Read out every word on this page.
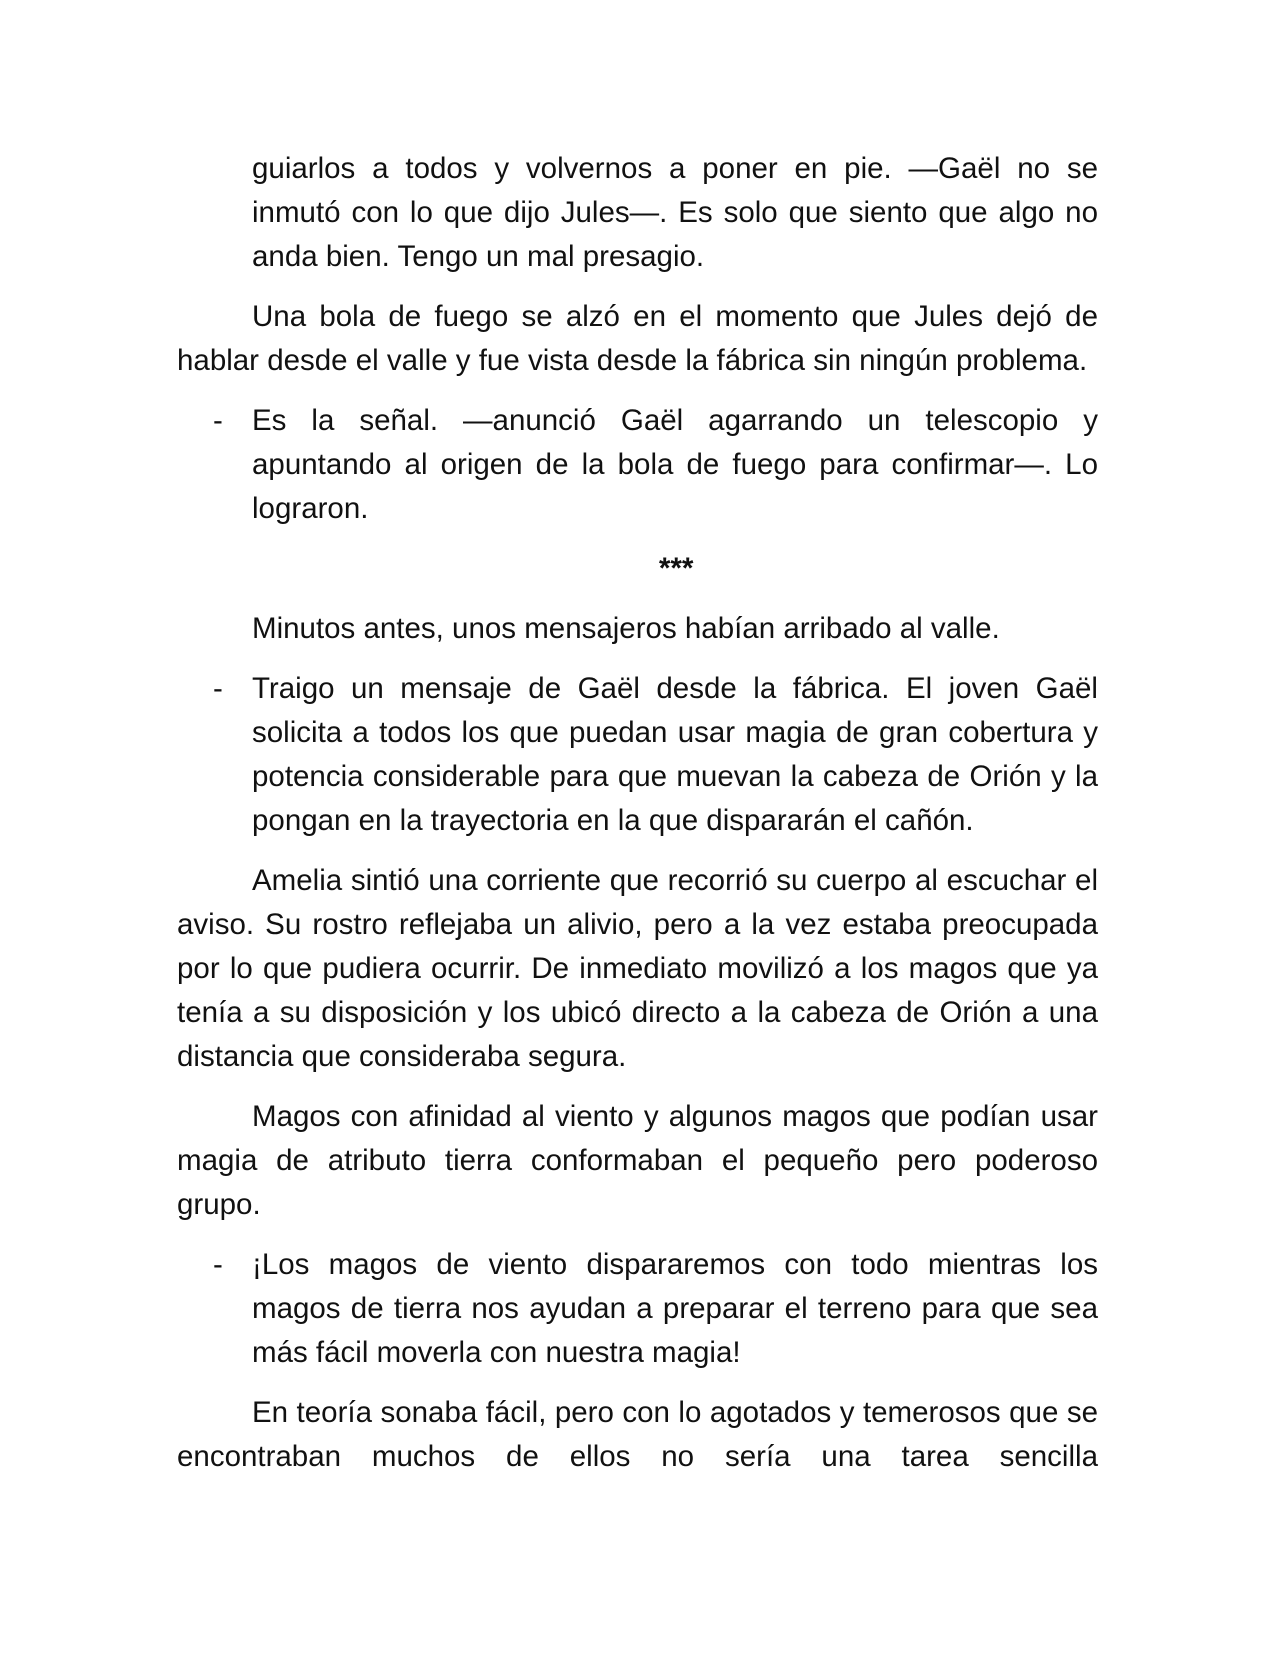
guiarlos a todos y volvernos a poner en pie. —Gaël no se inmutó con lo que dijo Jules—. Es solo que siento que algo no anda bien. Tengo un mal presagio.

Una bola de fuego se alzó en el momento que Jules dejó de hablar desde el valle y fue vista desde la fábrica sin ningún problema.

- Es la señal. —anunció Gaël agarrando un telescopio y apuntando al origen de la bola de fuego para confirmar—. Lo lograron.
***

Minutos antes, unos mensajeros habían arribado al valle.

- Traigo un mensaje de Gaël desde la fábrica. El joven Gaël solicita a todos los que puedan usar magia de gran cobertura y potencia considerable para que muevan la cabeza de Orión y la pongan en la trayectoria en la que dispararán el cañón.

Amelia sintió una corriente que recorrió su cuerpo al escuchar el aviso. Su rostro reflejaba un alivio, pero a la vez estaba preocupada por lo que pudiera ocurrir. De inmediato movilizó a los magos que ya tenía a su disposición y los ubicó directo a la cabeza de Orión a una distancia que consideraba segura.

Magos con afinidad al viento y algunos magos que podían usar magia de atributo tierra conformaban el pequeño pero poderoso grupo.

- ¡Los magos de viento dispararemos con todo mientras los magos de tierra nos ayudan a preparar el terreno para que sea más fácil moverla con nuestra magia!

En teoría sonaba fácil, pero con lo agotados y temerosos que se encontraban muchos de ellos no sería una tarea sencilla
